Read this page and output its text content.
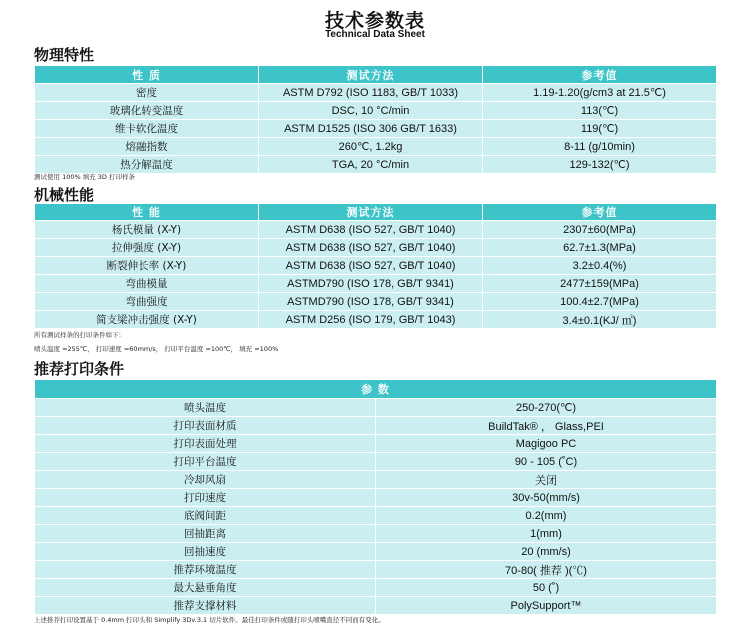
技术参数表
Technical Data Sheet
物理特性
性 质	测试方法	参考值
密度	ASTM D792 (ISO 1183, GB/T 1033)	1.19-1.20(g/cm3 at 21.5℃)
玻璃化转变温度	DSC, 10 °C/min	113(℃)
维卡软化温度	ASTM D1525 (ISO 306 GB/T 1633)	119(℃)
熔融指数	260℃, 1.2kg	8-11 (g/10min)
热分解温度	TGA, 20 °C/min	129-132(℃)
测试使用 100% 填充 3D 打印样条
机械性能
性 能	测试方法	参考值
杨氏模量 (X-Y)	ASTM D638 (ISO 527, GB/T 1040)	2307±60(MPa)
拉伸强度 (X-Y)	ASTM D638 (ISO 527, GB/T 1040)	62.7±1.3(MPa)
断裂伸长率 (X-Y)	ASTM D638 (ISO 527, GB/T 1040)	3.2±0.4(%)
弯曲模量	ASTMD790 (ISO 178, GB/T 9341)	2477±159(MPa)
弯曲强度	ASTMD790 (ISO 178, GB/T 9341)	100.4±2.7(MPa)
简支梁冲击强度 (X-Y)	ASTM D256 (ISO 179, GB/T 1043)	3.4±0.1(KJ/ ㎡)
所有测试样条的打印条件如下：
喷头温度 =255℃， 打印速度 =60mm/s， 打印平台温度 =100℃， 填充 =100%
推荐打印条件
参 数	
喷头温度	250-270(℃)
打印表面材质	BuildTak® ， Glass,PEI
打印表面处理	Magigoo PC
打印平台温度	90 - 105 (˚C)
冷却风扇	关闭
打印速度	30v-50(mm/s)
底阀间距	0.2(mm)
回抽距离	1(mm)
回抽速度	20 (mm/s)
推荐环境温度	70-80( 推荐 )(℃)
最大悬垂角度	50 (˚)
推荐支撑材料	PolySupport™
上述推荐打印设置基于 0.4mm 打印头和 Simplify 3Dv.3.1 切片软件。最佳打印条件或随打印头喷嘴直径不同而有变化。
